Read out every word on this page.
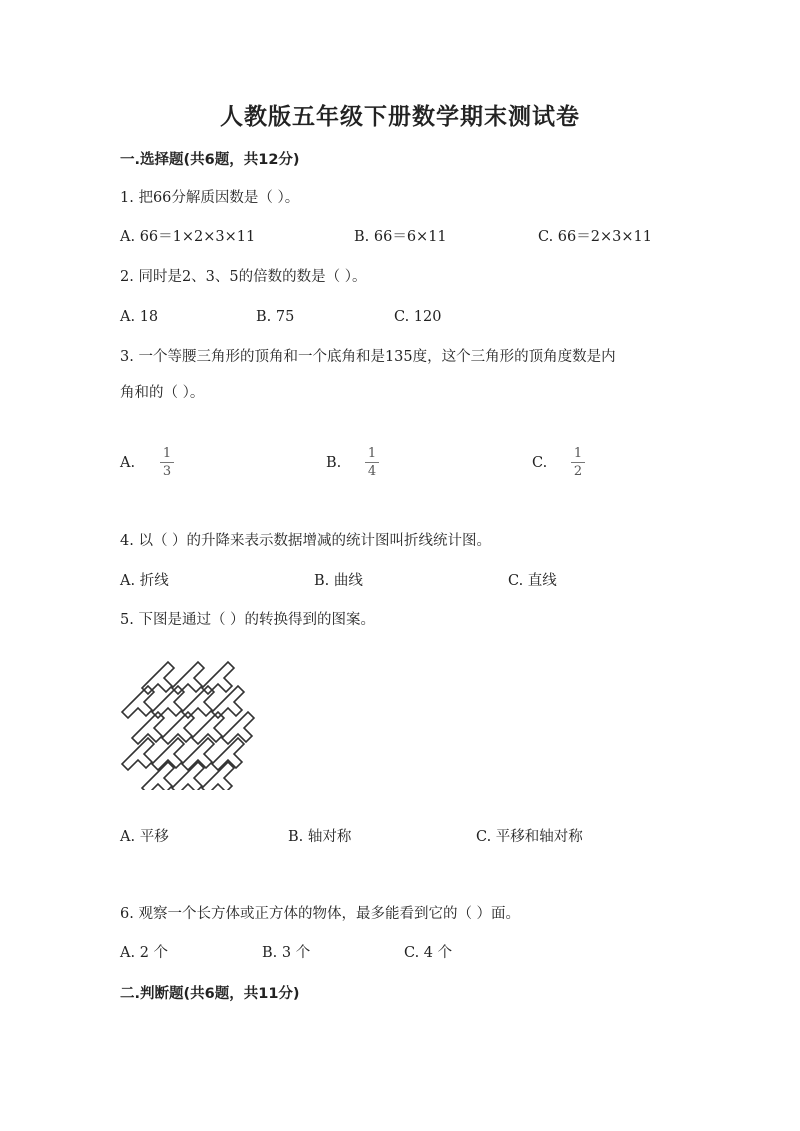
人教版五年级下册数学期末测试卷
一.选择题(共6题，共12分)
1. 把66分解质因数是（ ）。
A. 66＝1×2×3×11	B. 66＝6×11	C. 66＝2×3×11
2. 同时是2、3、5的倍数的数是（ ）。
A. 18	B. 75	C. 120
3. 一个等腰三角形的顶角和一个底角和是135度，这个三角形的顶角度数是内
角和的（ ）。
A.
1
3
B.
1
4
C.
1
2
4. 以（ ）的升降来表示数据增减的统计图叫折线统计图。
A. 折线	B. 曲线	C. 直线
5. 下图是通过（ ）的转换得到的图案。
A. 平移	B. 轴对称	C. 平移和轴对称
6. 观察一个长方体或正方体的物体，最多能看到它的（ ）面。
A. 2 个	B. 3 个	C. 4 个
二.判断题(共6题，共11分)
